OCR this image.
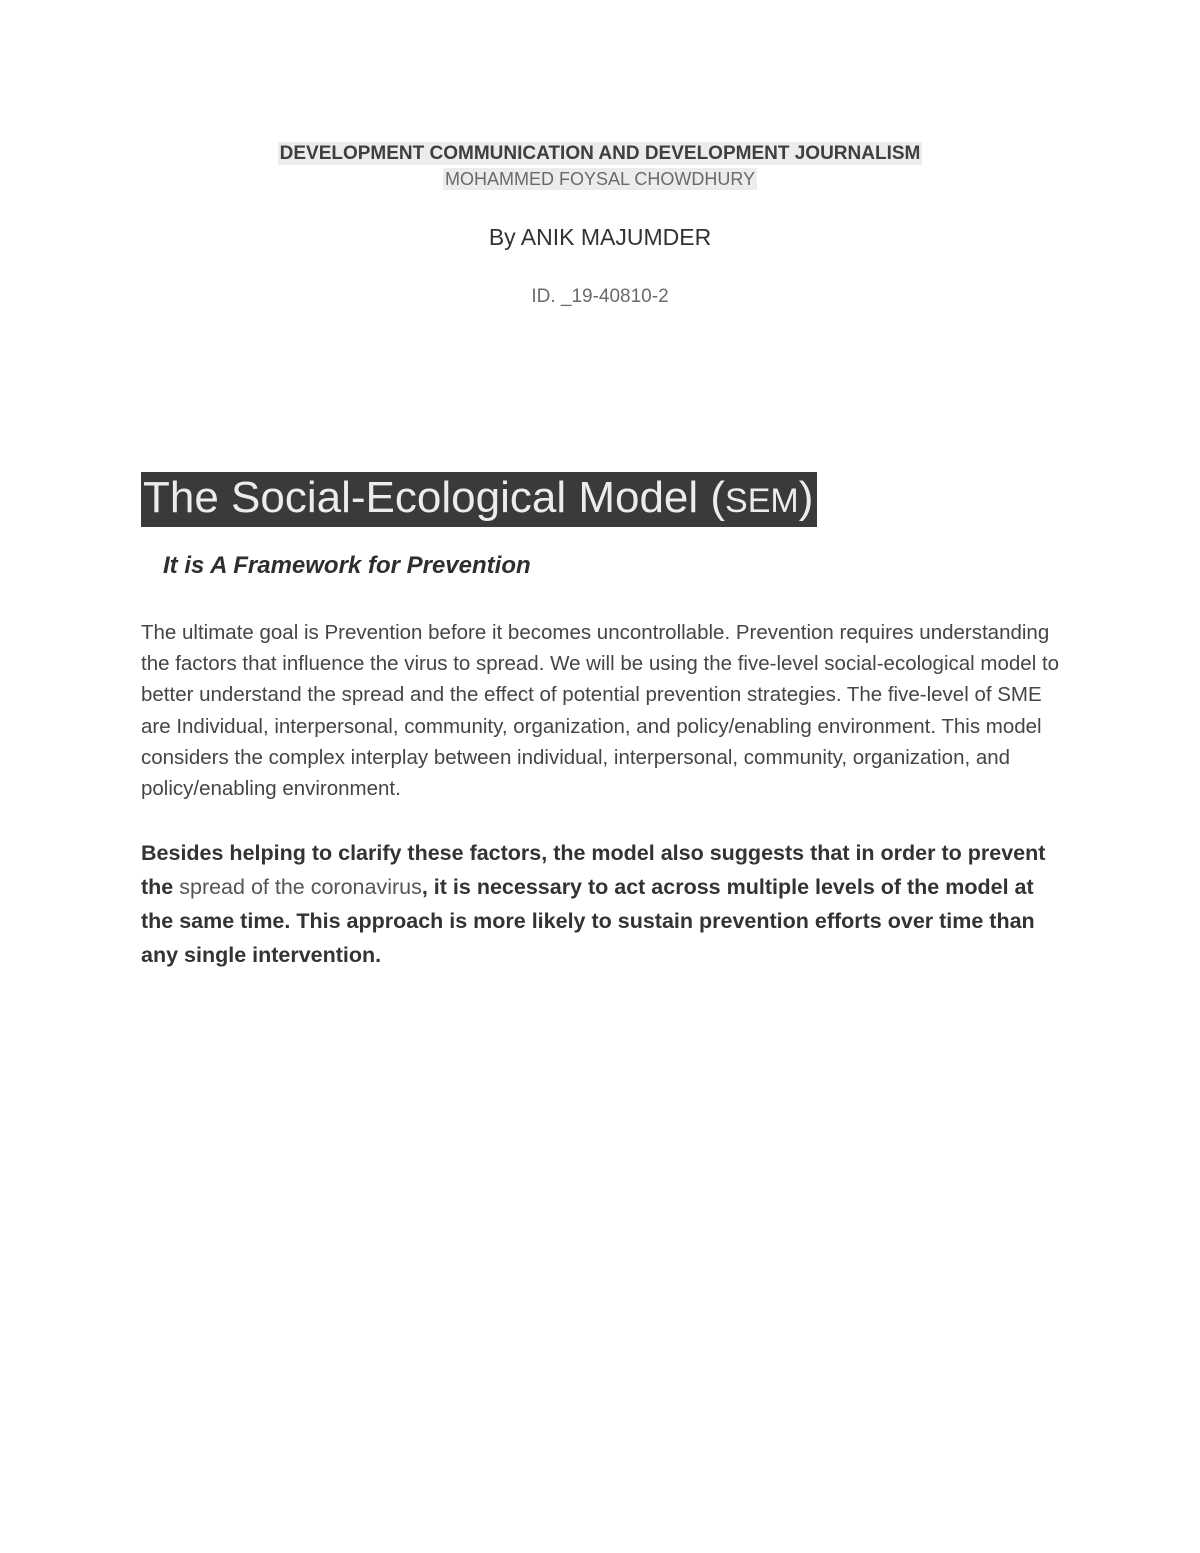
DEVELOPMENT COMMUNICATION AND DEVELOPMENT JOURNALISM
MOHAMMED FOYSAL CHOWDHURY
By ANIK MAJUMDER
ID. _19-40810-2
The Social-Ecological Model (SEM)
It is A Framework for Prevention
The ultimate goal is Prevention before it becomes uncontrollable. Prevention requires understanding the factors that influence the virus to spread. We will be using the five-level social-ecological model to better understand the spread and the effect of potential prevention strategies. The five-level of SME are Individual, interpersonal, community, organization, and policy/enabling environment. This model considers the complex interplay between individual, interpersonal, community, organization, and policy/enabling environment.
Besides helping to clarify these factors, the model also suggests that in order to prevent the spread of the coronavirus, it is necessary to act across multiple levels of the model at the same time. This approach is more likely to sustain prevention efforts over time than any single intervention.
